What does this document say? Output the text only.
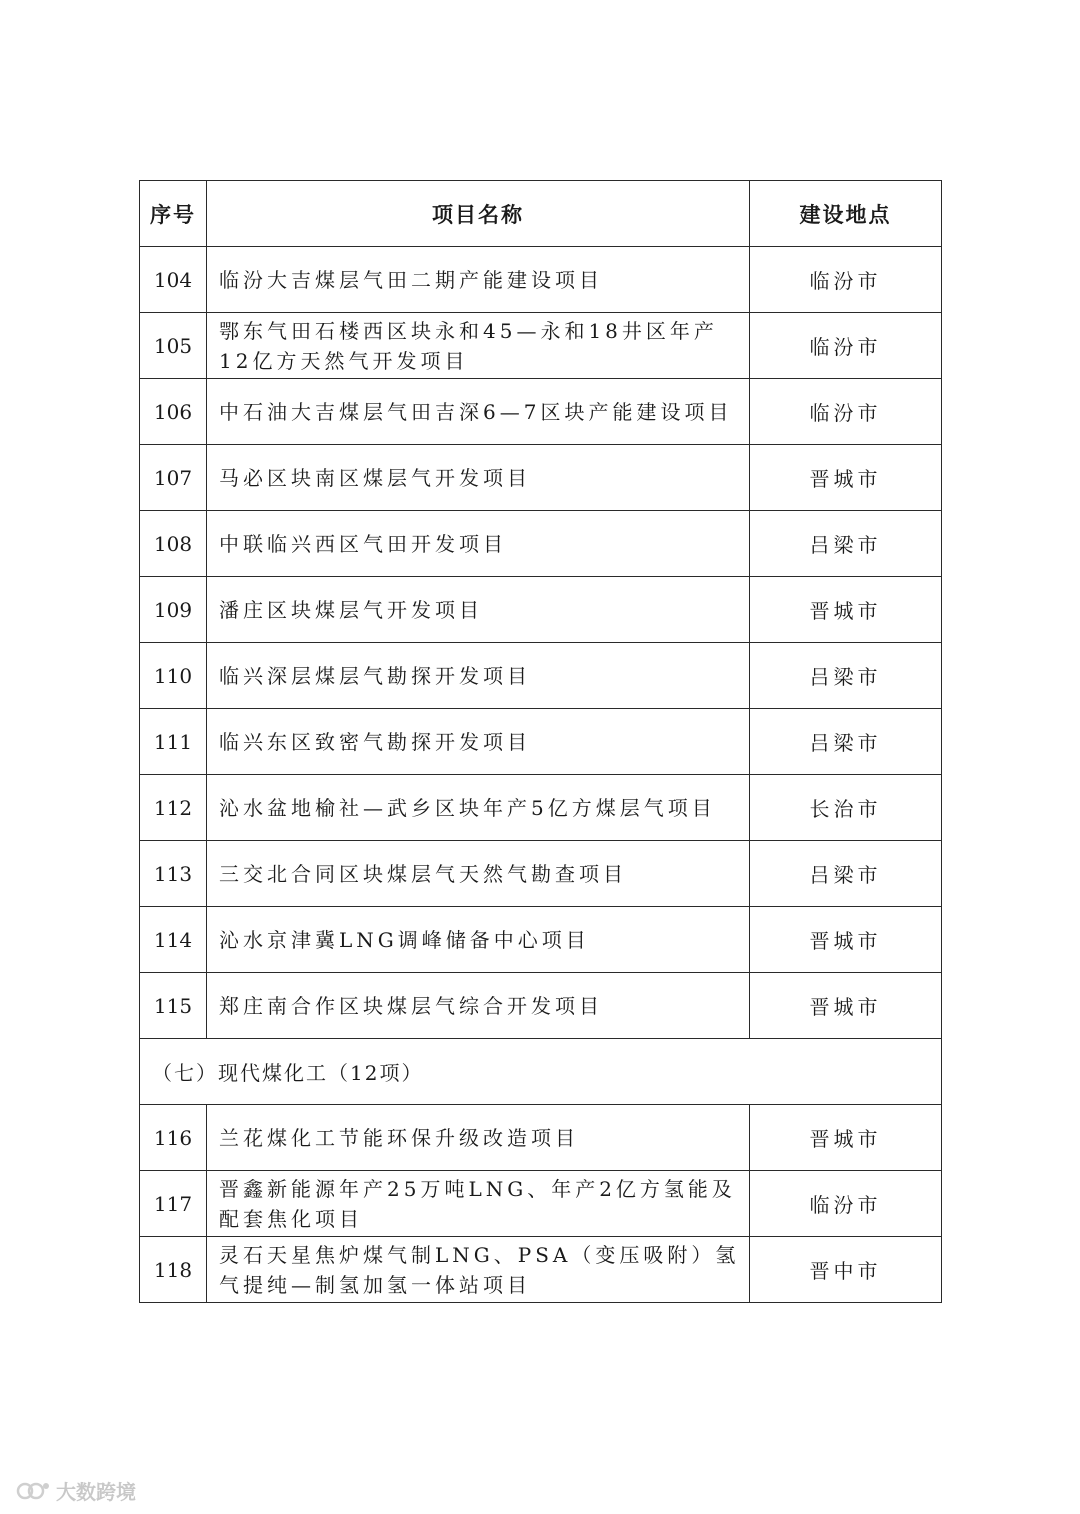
序号	项目名称	建设地点
104	临汾大吉煤层气田二期产能建设项目	临汾市
105	鄂东气田石楼西区块永和45—永和18井区年产12亿方天然气开发项目	临汾市
106	中石油大吉煤层气田吉深6—7区块产能建设项目	临汾市
107	马必区块南区煤层气开发项目	晋城市
108	中联临兴西区气田开发项目	吕梁市
109	潘庄区块煤层气开发项目	晋城市
110	临兴深层煤层气勘探开发项目	吕梁市
111	临兴东区致密气勘探开发项目	吕梁市
112	沁水盆地榆社—武乡区块年产5亿方煤层气项目	长治市
113	三交北合同区块煤层气天然气勘查项目	吕梁市
114	沁水京津冀LNG调峰储备中心项目	晋城市
115	郑庄南合作区块煤层气综合开发项目	晋城市
（七）现代煤化工（12项）		
116	兰花煤化工节能环保升级改造项目	晋城市
117	晋鑫新能源年产25万吨LNG、年产2亿方氢能及配套焦化项目	临汾市
118	灵石天星焦炉煤气制LNG、PSA（变压吸附）氢气提纯—制氢加氢一体站项目	晋中市
大数跨境
